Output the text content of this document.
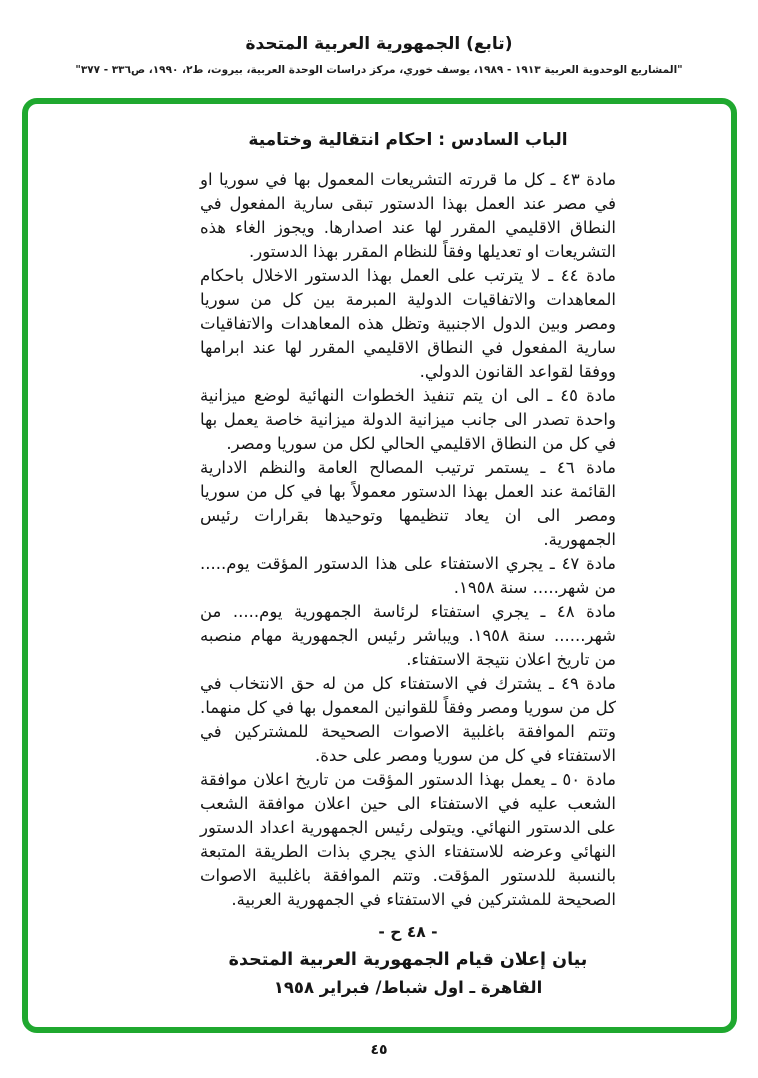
(تابع) الجمهورية العربية المتحدة
"المشاريع الوحدوية العربية ١٩١٣ - ١٩٨٩، يوسف خوري، مركز دراسات الوحدة العربية، بيروت، ط٢، ١٩٩٠، ص٣٣٦ - ٣٧٧"
الباب السادس : احكام انتقالية وختامية

مادة ٤٣ ـ كل ما قررته التشريعات المعمول بها في سوريا او في مصر عند العمل بهذا الدستور تبقى سارية المفعول في النطاق الاقليمي المقرر لها عند اصدارها. ويجوز الغاء هذه التشريعات او تعديلها وفقاً للنظام المقرر بهذا الدستور.

مادة ٤٤ ـ لا يترتب على العمل بهذا الدستور الاخلال باحكام المعاهدات والاتفاقيات الدولية المبرمة بين كل من سوريا ومصر وبين الدول الاجنبية وتظل هذه المعاهدات والاتفاقيات سارية المفعول في النطاق الاقليمي المقرر لها عند ابرامها ووفقا لقواعد القانون الدولي.

مادة ٤٥ ـ الى ان يتم تنفيذ الخطوات النهائية لوضع ميزانية واحدة تصدر الى جانب ميزانية الدولة ميزانية خاصة يعمل بها في كل من النطاق الاقليمي الحالي لكل من سوريا ومصر.

مادة ٤٦ ـ يستمر ترتيب المصالح العامة والنظم الادارية القائمة عند العمل بهذا الدستور معمولاً بها في كل من سوريا ومصر الى ان يعاد تنظيمها وتوحيدها بقرارات رئيس الجمهورية.

مادة ٤٧ ـ يجري الاستفتاء على هذا الدستور المؤقت يوم..... من شهر..... سنة ١٩٥٨.

مادة ٤٨ ـ يجري استفتاء لرئاسة الجمهورية يوم..... من شهر...... سنة ١٩٥٨. ويباشر رئيس الجمهورية مهام منصبه من تاريخ اعلان نتيجة الاستفتاء.

مادة ٤٩ ـ يشترك في الاستفتاء كل من له حق الانتخاب في كل من سوريا ومصر وفقاً للقوانين المعمول بها في كل منهما. وتتم الموافقة باغلبية الاصوات الصحيحة للمشتركين في الاستفتاء في كل من سوريا ومصر على حدة.

مادة ٥٠ ـ يعمل بهذا الدستور المؤقت من تاريخ اعلان موافقة الشعب عليه في الاستفتاء الى حين اعلان موافقة الشعب على الدستور النهائي. ويتولى رئيس الجمهورية اعداد الدستور النهائي وعرضه للاستفتاء الذي يجري بذات الطريقة المتبعة بالنسبة للدستور المؤقت. وتتم الموافقة باغلبية الاصوات الصحيحة للمشتركين في الاستفتاء في الجمهورية العربية.

- ٤٨ ح -
بيان إعلان قيام الجمهورية العربية المتحدة
القاهرة ـ اول شباط/ فبراير ١٩٥٨

٤٥
